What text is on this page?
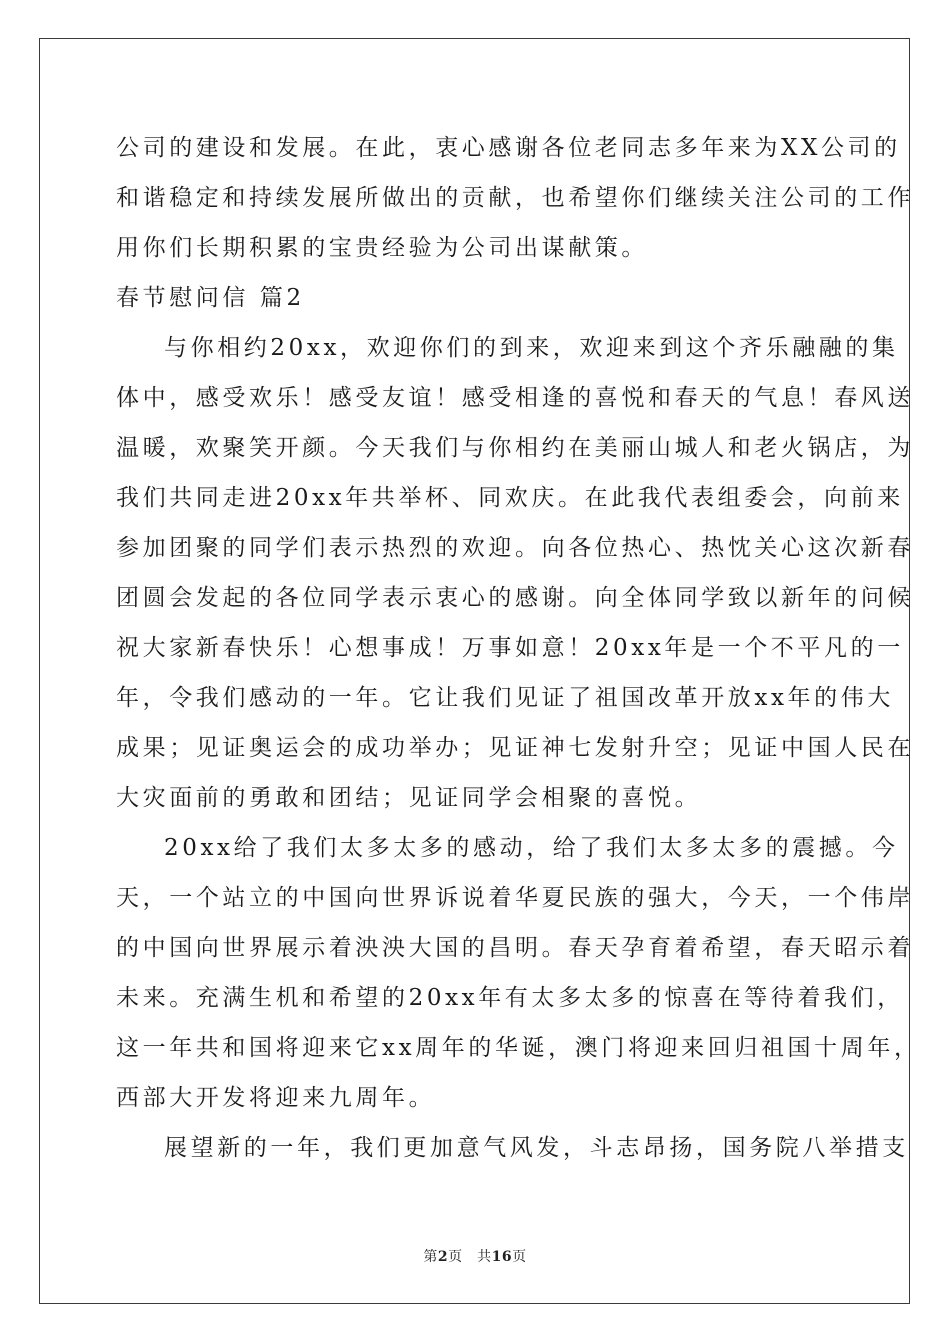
公司的建设和发展。在此，衷心感谢各位老同志多年来为XX公司的
和谐稳定和持续发展所做出的贡献，也希望你们继续关注公司的工作
用你们长期积累的宝贵经验为公司出谋献策。
春节慰问信 篇2
与你相约20xx，欢迎你们的到来，欢迎来到这个齐乐融融的集
体中，感受欢乐！感受友谊！感受相逢的喜悦和春天的气息！春风送
温暖，欢聚笑开颜。今天我们与你相约在美丽山城人和老火锅店，为
我们共同走进20xx年共举杯、同欢庆。在此我代表组委会，向前来
参加团聚的同学们表示热烈的欢迎。向各位热心、热忱关心这次新春
团圆会发起的各位同学表示衷心的感谢。向全体同学致以新年的问候
祝大家新春快乐！心想事成！万事如意！20xx年是一个不平凡的一
年，令我们感动的一年。它让我们见证了祖国改革开放xx年的伟大
成果；见证奥运会的成功举办；见证神七发射升空；见证中国人民在
大灾面前的勇敢和团结；见证同学会相聚的喜悦。
20xx给了我们太多太多的感动，给了我们太多太多的震撼。今
天，一个站立的中国向世界诉说着华夏民族的强大，今天，一个伟岸
的中国向世界展示着泱泱大国的昌明。春天孕育着希望，春天昭示着
未来。充满生机和希望的20xx年有太多太多的惊喜在等待着我们，
这一年共和国将迎来它xx周年的华诞，澳门将迎来回归祖国十周年，
西部大开发将迎来九周年。
展望新的一年，我们更加意气风发，斗志昂扬，国务院八举措支
第2页　共16页
